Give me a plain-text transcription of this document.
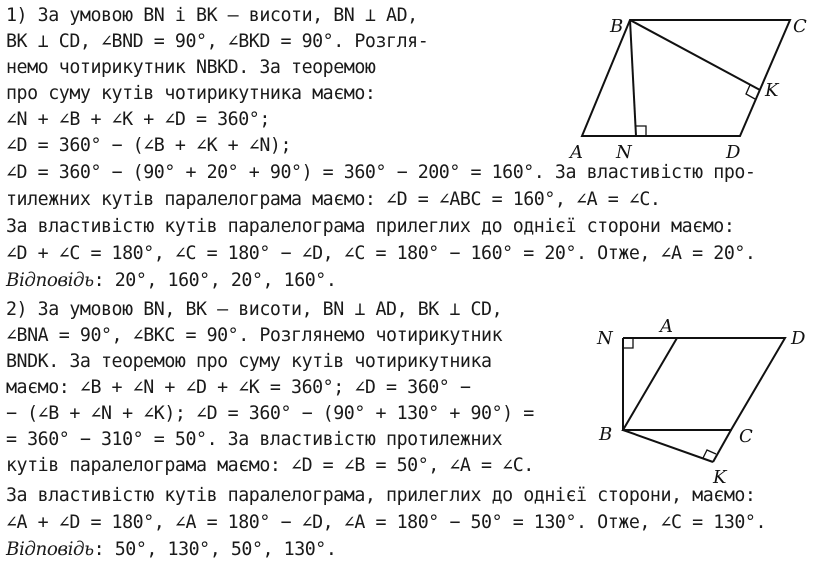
1) За умовою BN і BK — висоти, BN ⊥ AD,
BK ⊥ CD, ∠BND = 90°, ∠BKD = 90°. Розгля-
немо чотирикутник NBKD. За теоремою
про суму кутів чотирикутника маємо:
∠N + ∠B + ∠K + ∠D = 360°;
∠D = 360° − (∠B + ∠K + ∠N);
∠D = 360° − (90° + 20° + 90°) = 360° − 200° = 160°. За властивістю про-
тилежних кутів паралелограма маємо: ∠D = ∠ABC = 160°, ∠A = ∠C.
За властивістю кутів паралелограма прилеглих до однієї сторони маємо:
∠D + ∠C = 180°, ∠C = 180° − ∠D, ∠C = 180° − 160° = 20°. Отже, ∠A = 20°.
Відповідь: 20°, 160°, 20°, 160°.
2) За умовою BN, BK — висоти, BN ⊥ AD, BK ⊥ CD,
∠BNA = 90°, ∠BKC = 90°. Розглянемо чотирикутник
BNDK. За теоремою про суму кутів чотирикутника
маємо: ∠B + ∠N + ∠D + ∠K = 360°; ∠D = 360° −
− (∠B + ∠N + ∠K); ∠D = 360° − (90° + 130° + 90°) =
= 360° − 310° = 50°. За властивістю протилежних
кутів паралелограма маємо: ∠D = ∠B = 50°, ∠A = ∠C.
За властивістю кутів паралелограма, прилеглих до однієї сторони, маємо:
∠A + ∠D = 180°, ∠A = 180° − ∠D, ∠A = 180° − 50° = 130°. Отже, ∠C = 130°.
Відповідь: 50°, 130°, 50°, 130°.
B	C
K
A N	D
N
A
D
B	C
K
